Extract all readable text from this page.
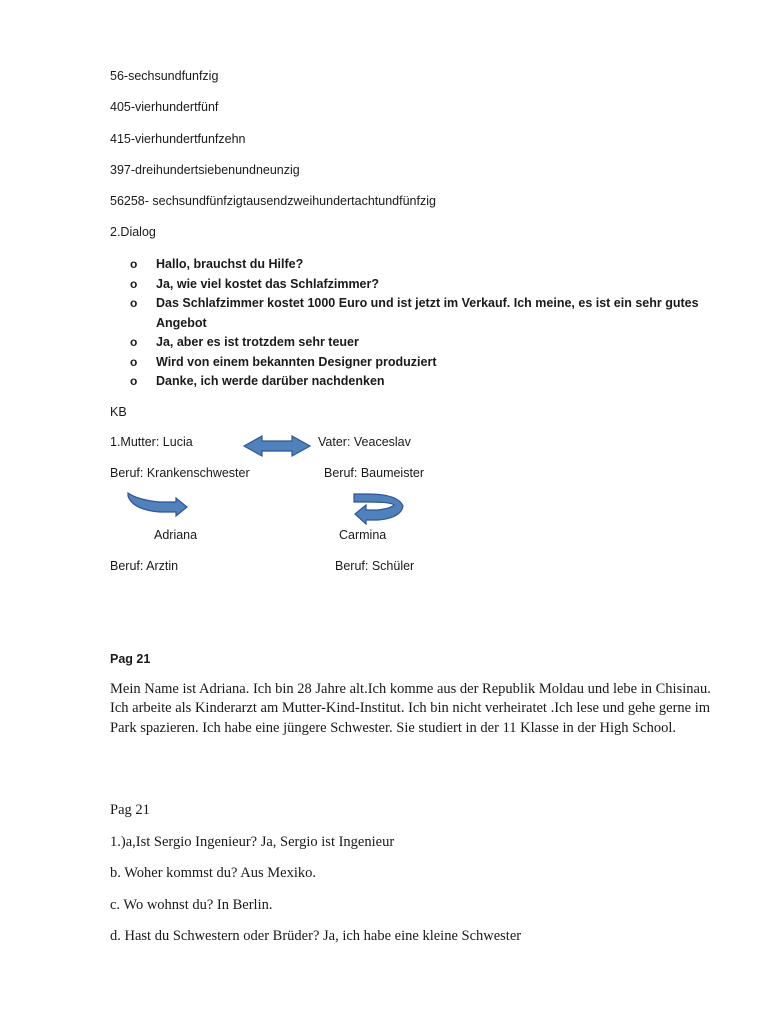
56-sechsundfunfzig
405-vierhundertfünf
415-vierhundertfunfzehn
397-dreihundertsiebenundneunzig
56258- sechsundfünfzigtausendzweihundertachtundfünfzig
2.Dialog
o Hallo, brauchst du Hilfe?
o Ja, wie viel kostet das Schlafzimmer?
o Das Schlafzimmer kostet 1000 Euro und ist jetzt im Verkauf. Ich meine, es ist ein sehr gutes Angebot
o Ja, aber es ist trotzdem sehr teuer
o Wird von einem bekannten Designer produziert
o Danke, ich werde darüber nachdenken
KB
1.Mutter: Lucia	Vater: Veaceslav
Beruf: Krankenschwester	Beruf: Baumeister
Adriana	Carmina
Beruf: Arztin	Beruf: Schüler
Pag 21
Mein Name ist Adriana. Ich bin 28 Jahre alt.Ich komme aus der Republik Moldau und lebe in Chisinau. Ich arbeite als Kinderarzt am Mutter-Kind-Institut. Ich bin nicht verheiratet .Ich lese und gehe gerne im Park spazieren. Ich habe eine jüngere Schwester. Sie studiert in der 11 Klasse in der High School.
Pag 21
1.)a,Ist Sergio Ingenieur? Ja, Sergio ist Ingenieur
b. Woher kommst du? Aus Mexiko.
c. Wo wohnst du? In Berlin.
d. Hast du Schwestern oder Brüder? Ja, ich habe eine kleine Schwester
